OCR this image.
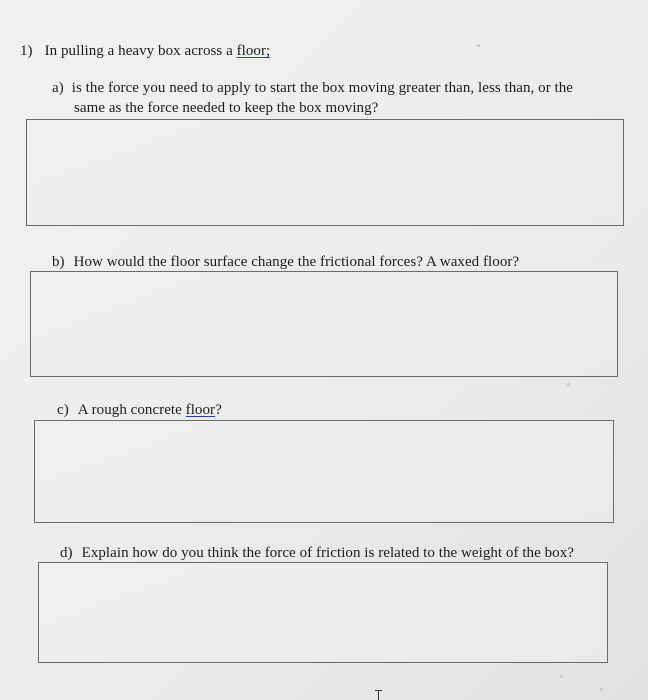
1) In pulling a heavy box across a floor;
a) is the force you need to apply to start the box moving greater than, less than, or the
same as the force needed to keep the box moving?
b) How would the floor surface change the frictional forces? A waxed floor?
c) A rough concrete floor?
d) Explain how do you think the force of friction is related to the weight of the box?
